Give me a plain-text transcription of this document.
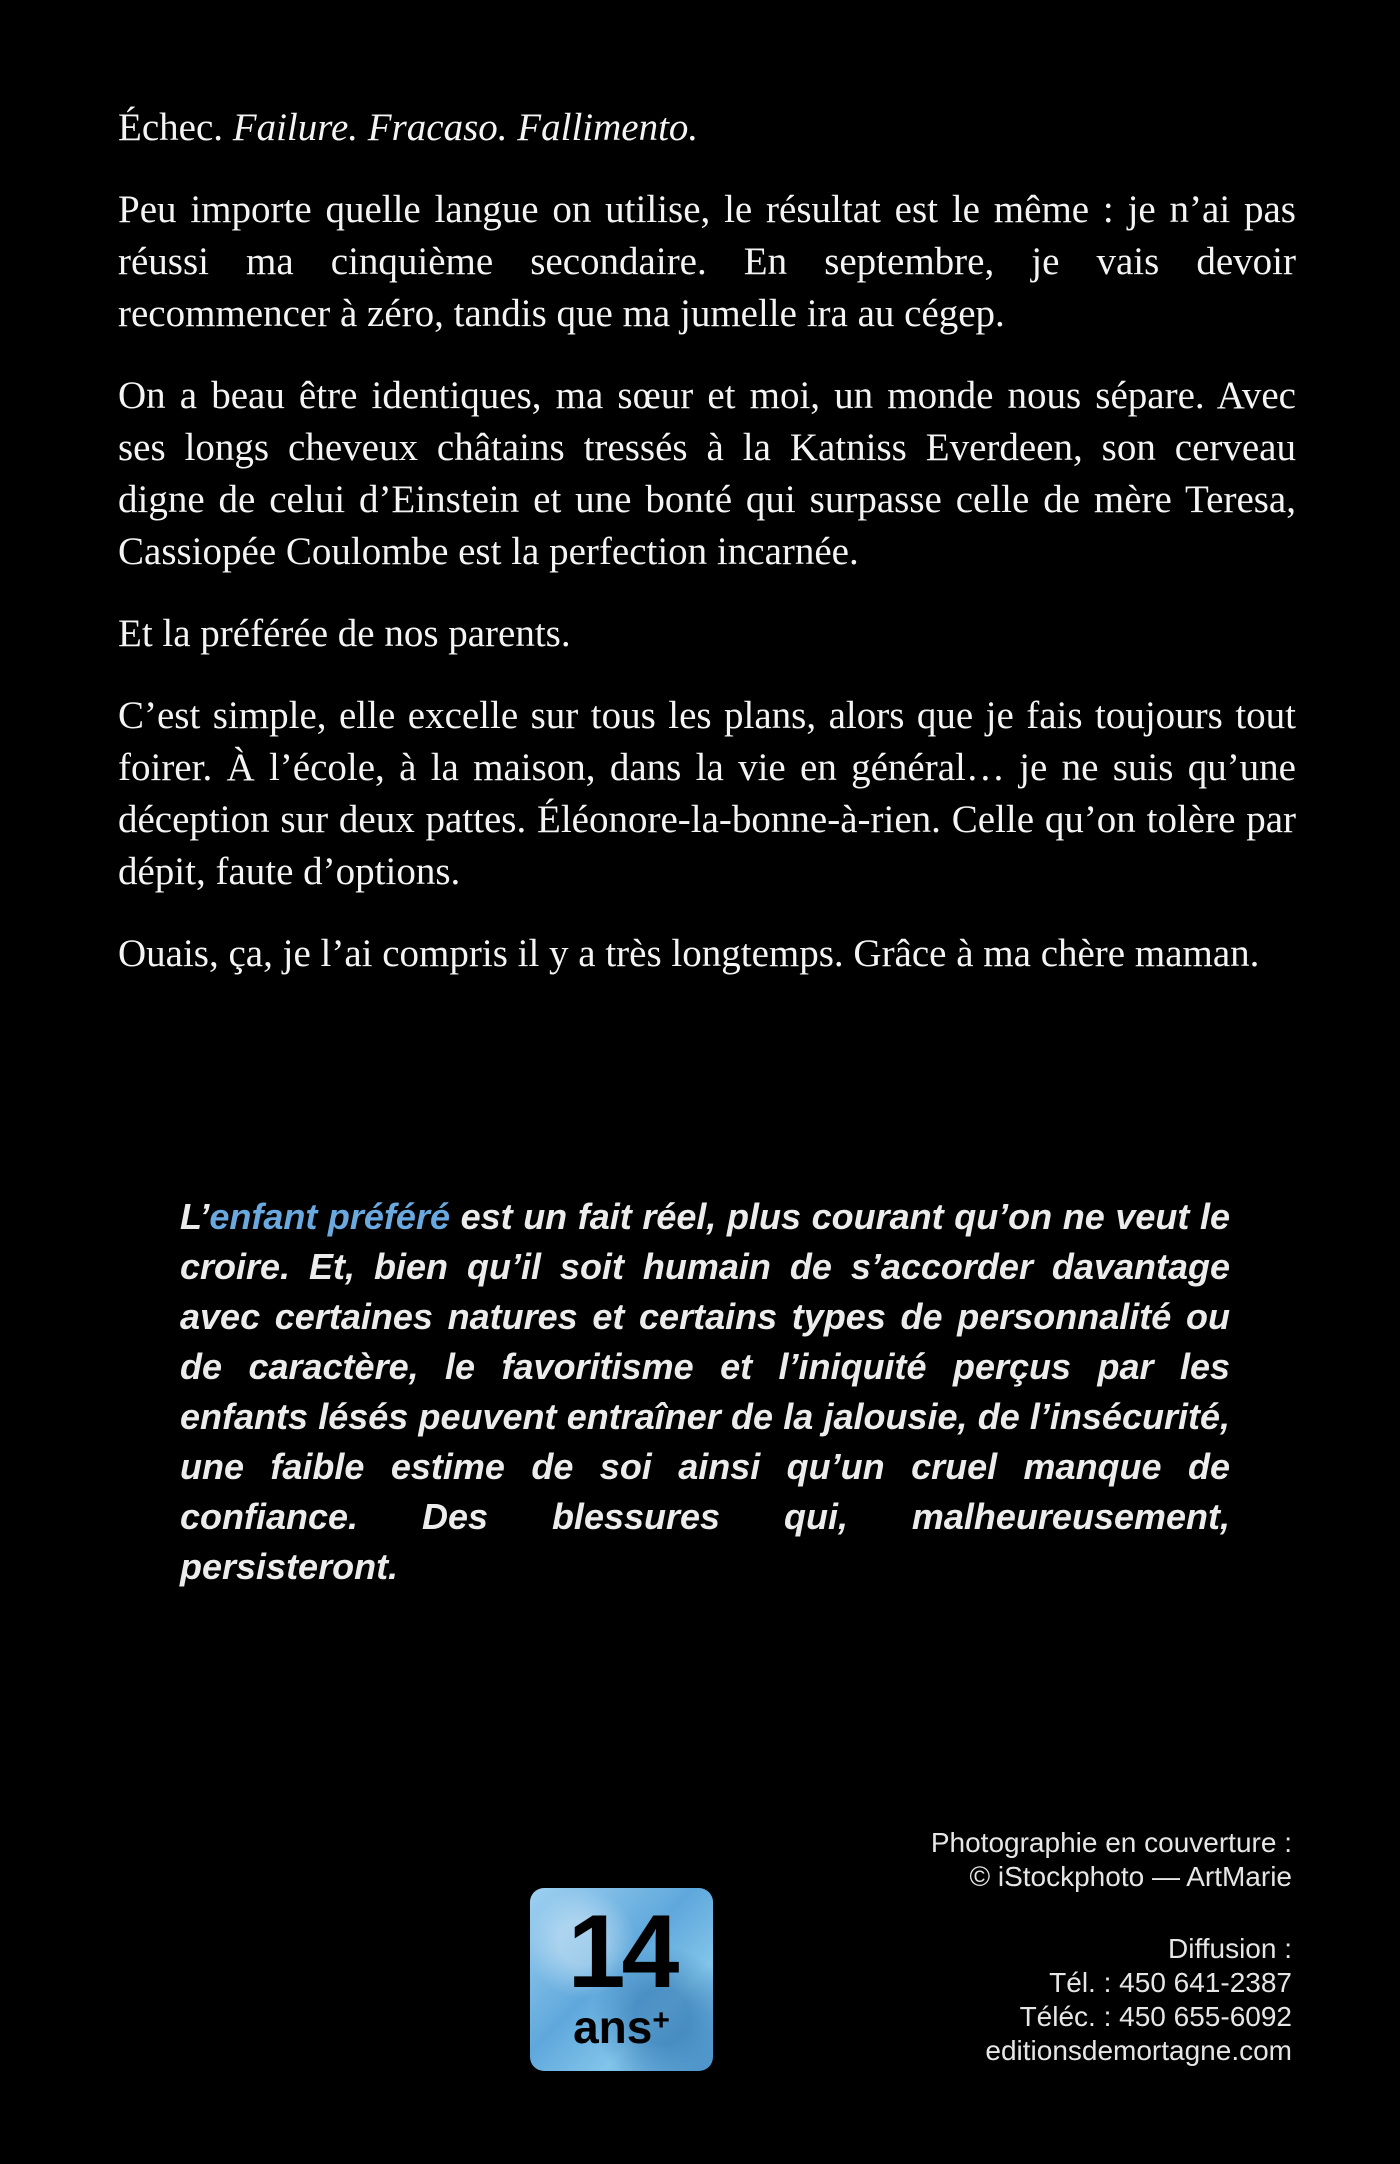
Échec. Failure. Fracaso. Fallimento.

Peu importe quelle langue on utilise, le résultat est le même : je n’ai pas réussi ma cinquième secondaire. En septembre, je vais devoir recommencer à zéro, tandis que ma jumelle ira au cégep.

On a beau être identiques, ma sœur et moi, un monde nous sépare. Avec ses longs cheveux châtains tressés à la Katniss Everdeen, son cerveau digne de celui d’Einstein et une bonté qui surpasse celle de mère Teresa, Cassiopée Coulombe est la perfection incarnée.

Et la préférée de nos parents.

C’est simple, elle excelle sur tous les plans, alors que je fais toujours tout foirer. À l’école, à la maison, dans la vie en général… je ne suis qu’une déception sur deux pattes. Éléonore-la-bonne-à-rien. Celle qu’on tolère par dépit, faute d’options.

Ouais, ça, je l’ai compris il y a très longtemps. Grâce à ma chère maman.

L’enfant préféré est un fait réel, plus courant qu’on ne veut le croire. Et, bien qu’il soit humain de s’accorder davantage avec certaines natures et certains types de personnalité ou de caractère, le favoritisme et l’iniquité perçus par les enfants lésés peuvent entraîner de la jalousie, de l’insécurité, une faible estime de soi ainsi qu’un cruel manque de confiance. Des blessures qui, malheureusement, persisteront.

14
ans+
Photographie en couverture :
© iStockphoto — ArtMarie
Diffusion :
Tél. : 450 641-2387
Téléc. : 450 655-6092
editionsdemortagne.com
